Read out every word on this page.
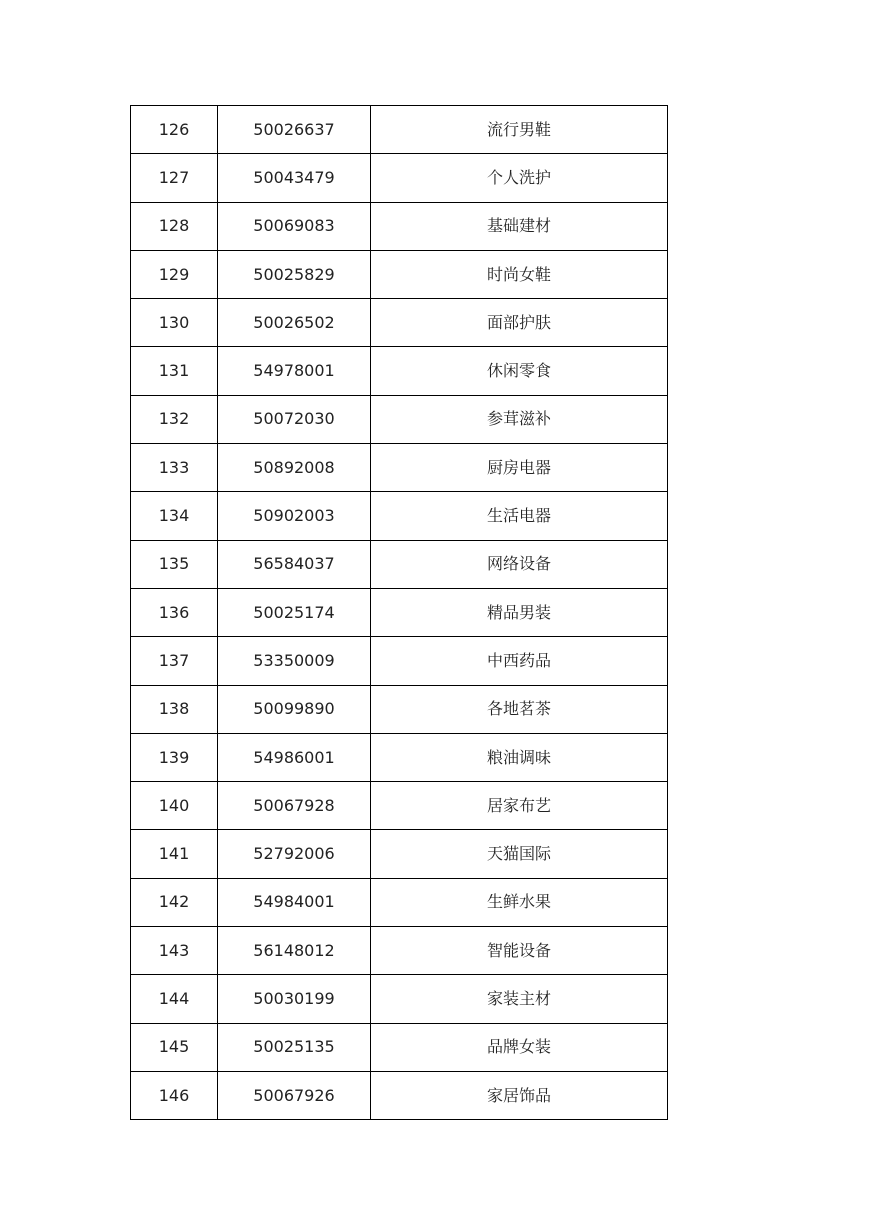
126	50026637	流行男鞋
127	50043479	个人洗护
128	50069083	基础建材
129	50025829	时尚女鞋
130	50026502	面部护肤
131	54978001	休闲零食
132	50072030	参茸滋补
133	50892008	厨房电器
134	50902003	生活电器
135	56584037	网络设备
136	50025174	精品男装
137	53350009	中西药品
138	50099890	各地茗茶
139	54986001	粮油调味
140	50067928	居家布艺
141	52792006	天猫国际
142	54984001	生鲜水果
143	56148012	智能设备
144	50030199	家装主材
145	50025135	品牌女装
146	50067926	家居饰品
